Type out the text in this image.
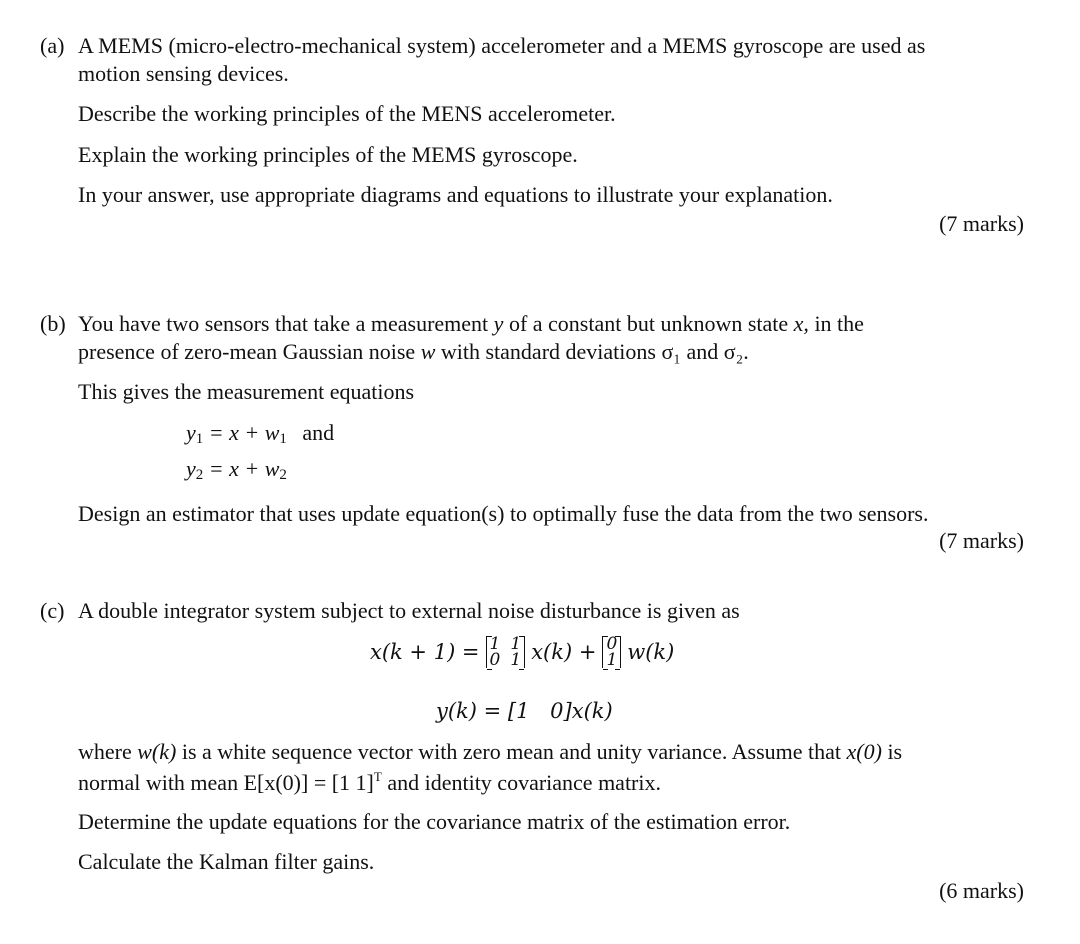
(a) A MEMS (micro-electro-mechanical system) accelerometer and a MEMS gyroscope are used as
motion sensing devices.
Describe the working principles of the MENS accelerometer.
Explain the working principles of the MEMS gyroscope.
In your answer, use appropriate diagrams and equations to illustrate your explanation.
(7 marks)
(b) You have two sensors that take a measurement y of a constant but unknown state x, in the
presence of zero-mean Gaussian noise w with standard deviations σ₁ and σ₂.
This gives the measurement equations
$y_1 = x + w_1$ and
$y_2 = x + w_2$
Design an estimator that uses update equation(s) to optimally fuse the data from the two sensors.
(7 marks)
(c) A double integrator system subject to external noise disturbance is given as
x(k + 1) = 1 1
0 1 x(k) + 0
1 w(k)
y(k) = [1 0]x(k)
where w(k) is a white sequence vector with zero mean and unity variance. Assume that x(0) is
normal with mean E[x(0)] = [1 1]$^T$ and identity covariance matrix.
Determine the update equations for the covariance matrix of the estimation error.
Calculate the Kalman filter gains.
(6 marks)
